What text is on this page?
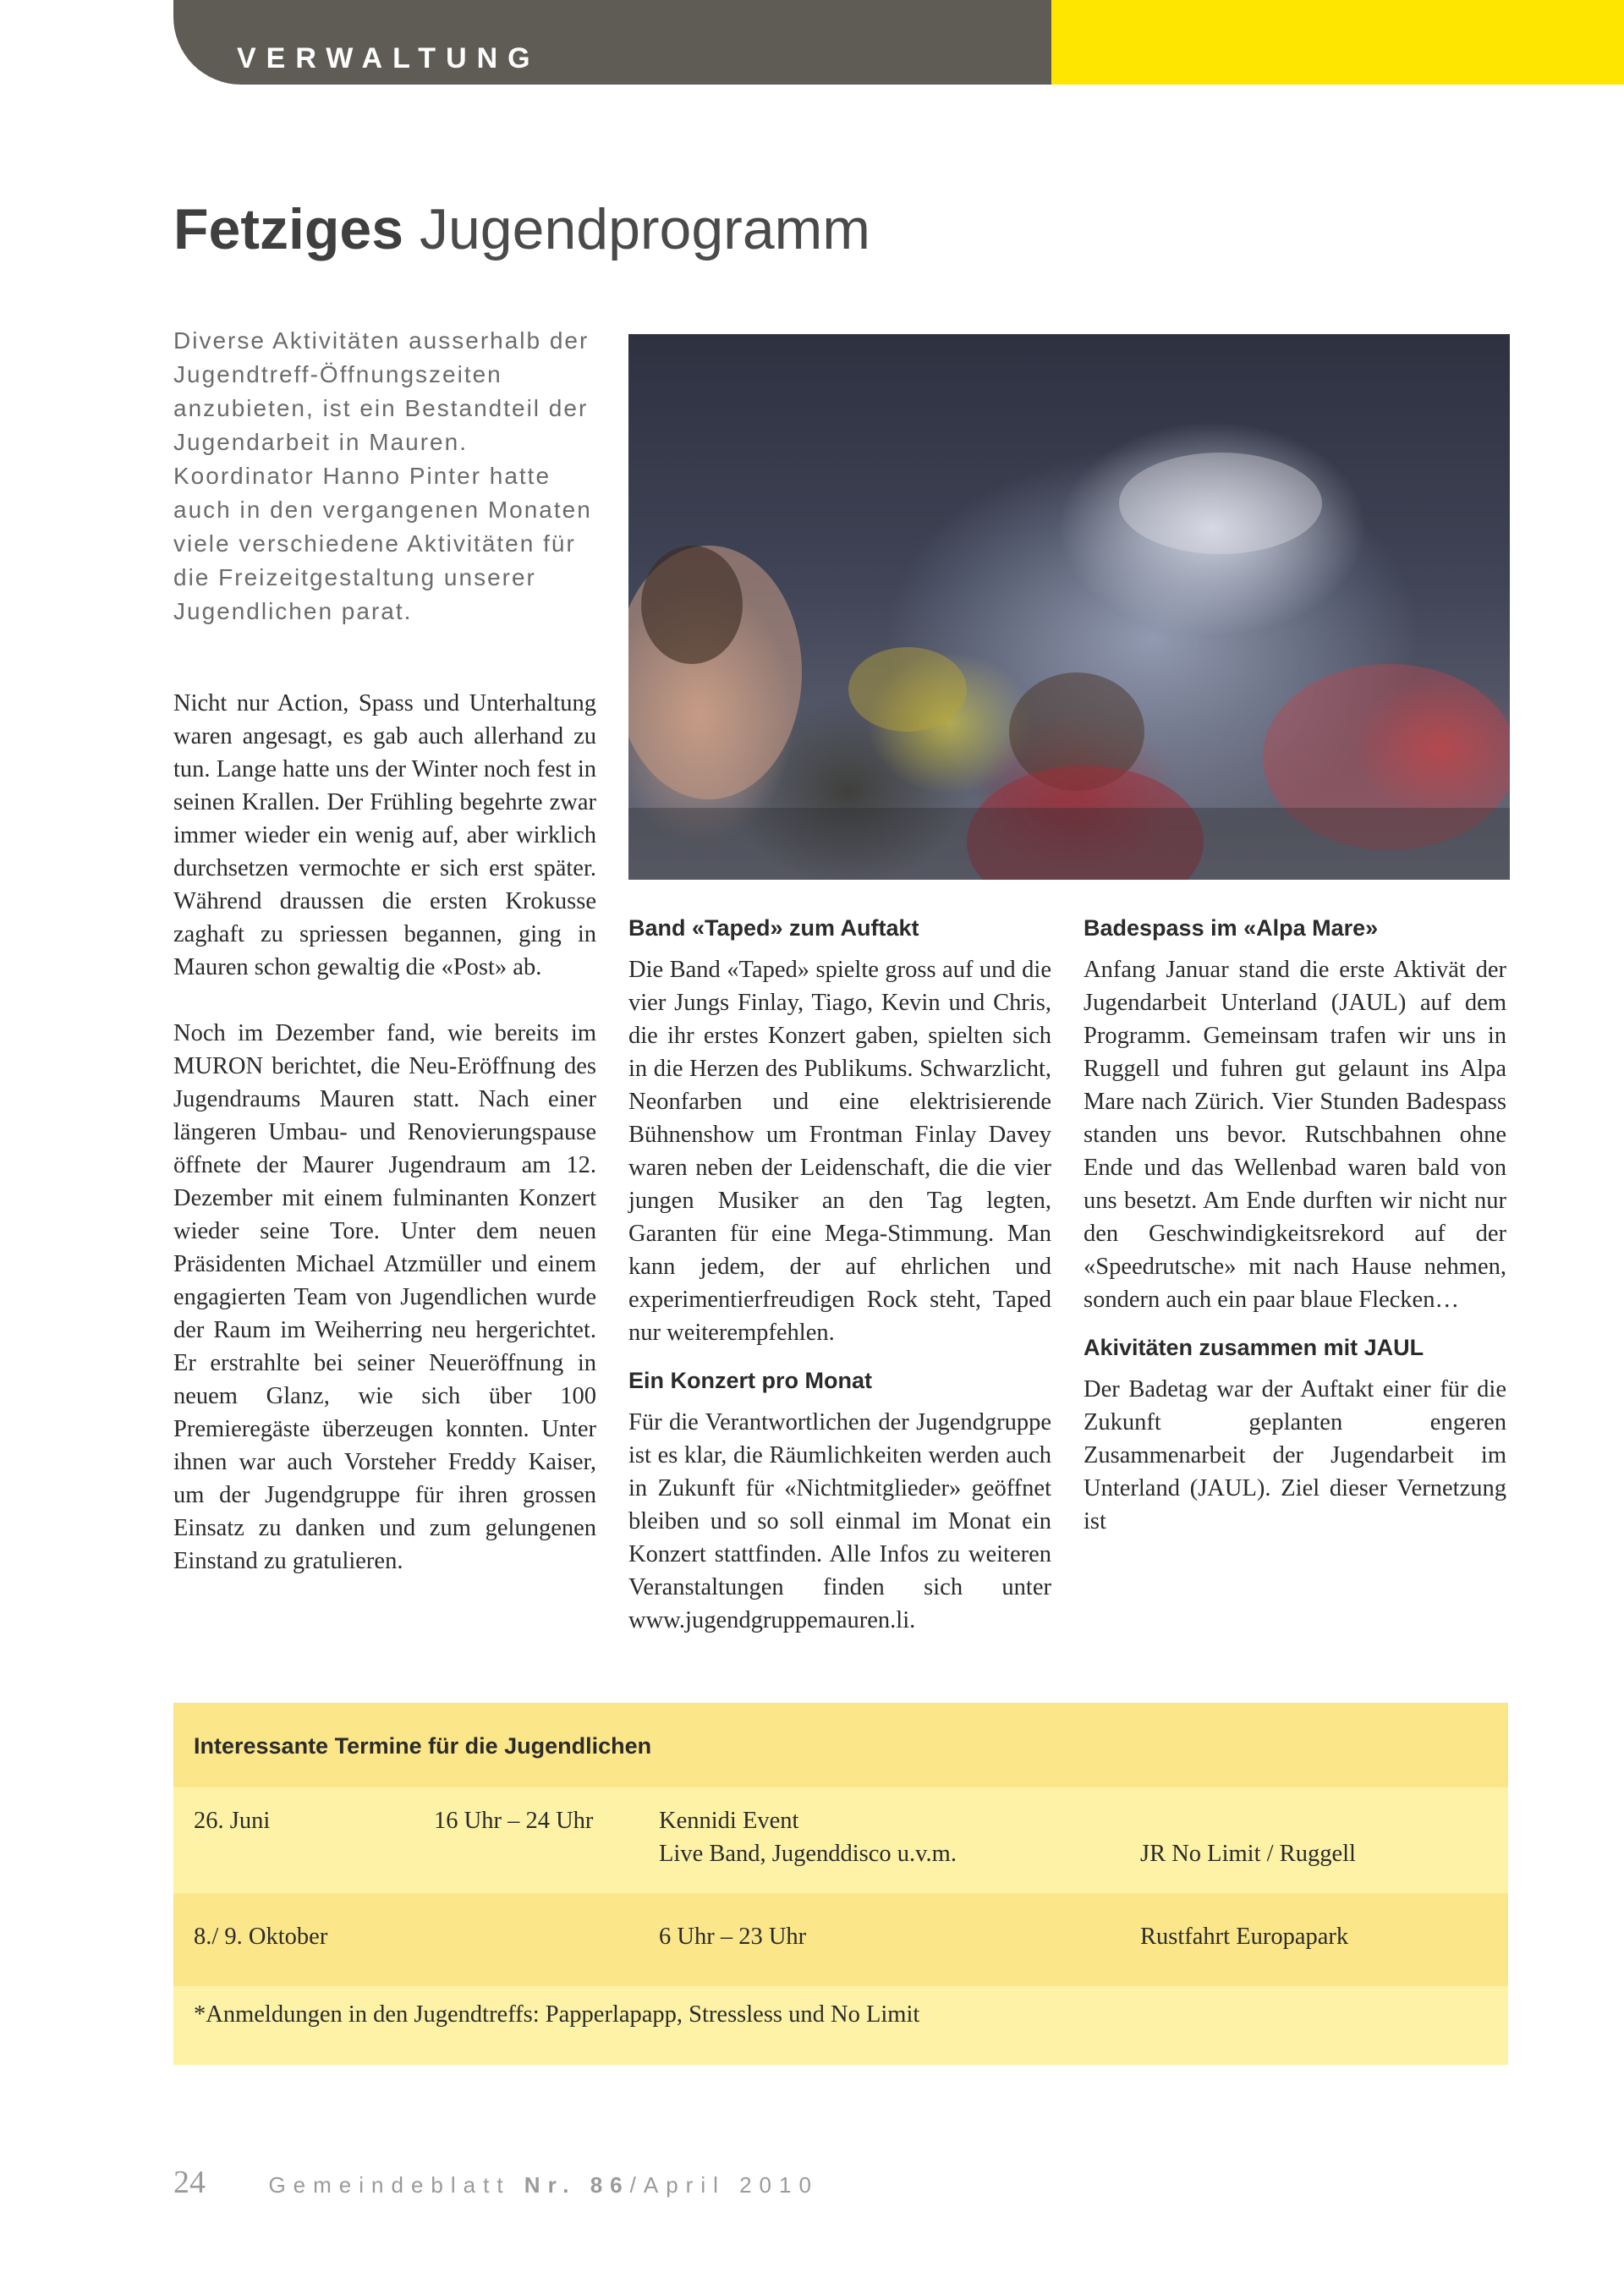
VERWALTUNG
Fetziges Jugendprogramm

Diverse Aktivitäten ausserhalb der Jugendtreff-Öffnungszeiten anzubieten, ist ein Bestandteil der Jugendarbeit in Mauren. Koordinator Hanno Pinter hatte auch in den vergangenen Monaten viele verschiedene Aktivitäten für die Freizeitgestaltung unserer Jugendlichen parat.

Nicht nur Action, Spass und Unterhaltung waren angesagt, es gab auch allerhand zu tun. Lange hatte uns der Winter noch fest in seinen Krallen. Der Frühling begehrte zwar immer wieder ein wenig auf, aber wirklich durchsetzen vermochte er sich erst später. Während draussen die ersten Krokusse zaghaft zu spriessen begannen, ging in Mauren schon gewaltig die «Post» ab.

Noch im Dezember fand, wie bereits im MURON berichtet, die Neu-Eröffnung des Jugendraums Mauren statt. Nach einer längeren Umbau- und Renovierungspause öffnete der Maurer Jugendraum am 12. Dezember mit einem fulminanten Konzert wieder seine Tore. Unter dem neuen Präsidenten Michael Atzmüller und einem engagierten Team von Jugendlichen wurde der Raum im Weiherring neu hergerichtet. Er erstrahlte bei seiner Neueröffnung in neuem Glanz, wie sich über 100 Premieregäste überzeugen konnten. Unter ihnen war auch Vorsteher Freddy Kaiser, um der Jugendgruppe für ihren grossen Einsatz zu danken und zum gelungenen Einstand zu gratulieren.

Band «Taped» zum Auftakt

Die Band «Taped» spielte gross auf und die vier Jungs Finlay, Tiago, Kevin und Chris, die ihr erstes Konzert gaben, spielten sich in die Herzen des Publikums. Schwarzlicht, Neonfarben und eine elektrisierende Bühnenshow um Frontman Finlay Davey waren neben der Leidenschaft, die die vier jungen Musiker an den Tag legten, Garanten für eine Mega-Stimmung. Man kann jedem, der auf ehrlichen und experimentierfreudigen Rock steht, Taped nur weiterempfehlen.

Ein Konzert pro Monat

Für die Verantwortlichen der Jugendgruppe ist es klar, die Räumlichkeiten werden auch in Zukunft für «Nichtmitglieder» geöffnet bleiben und so soll einmal im Monat ein Konzert stattfinden. Alle Infos zu weiteren Veranstaltungen finden sich unter www.jugendgruppemauren.li.

Badespass im «Alpa Mare»

Anfang Januar stand die erste Aktivät der Jugendarbeit Unterland (JAUL) auf dem Programm. Gemeinsam trafen wir uns in Ruggell und fuhren gut gelaunt ins Alpa Mare nach Zürich. Vier Stunden Badespass standen uns bevor. Rutschbahnen ohne Ende und das Wellenbad waren bald von uns besetzt. Am Ende durften wir nicht nur den Geschwindigkeitsrekord auf der «Speedrutsche» mit nach Hause nehmen, sondern auch ein paar blaue Flecken…

Akivitäten zusammen mit JAUL

Der Badetag war der Auftakt einer für die Zukunft geplanten engeren Zusammenarbeit der Jugendarbeit im Unterland (JAUL). Ziel dieser Vernetzung ist

Interessante Termine für die Jugendlichen
26. Juni	16 Uhr – 24 Uhr	Kennidi Event
Live Band, Jugenddisco u.v.m.	JR No Limit / Ruggell
8./ 9. Oktober	6 Uhr – 23 Uhr	Rustfahrt Europapark
*Anmeldungen in den Jugendtreffs: Papperlapapp, Stressless und No Limit
24	Gemeindeblatt Nr. 86/April 2010
